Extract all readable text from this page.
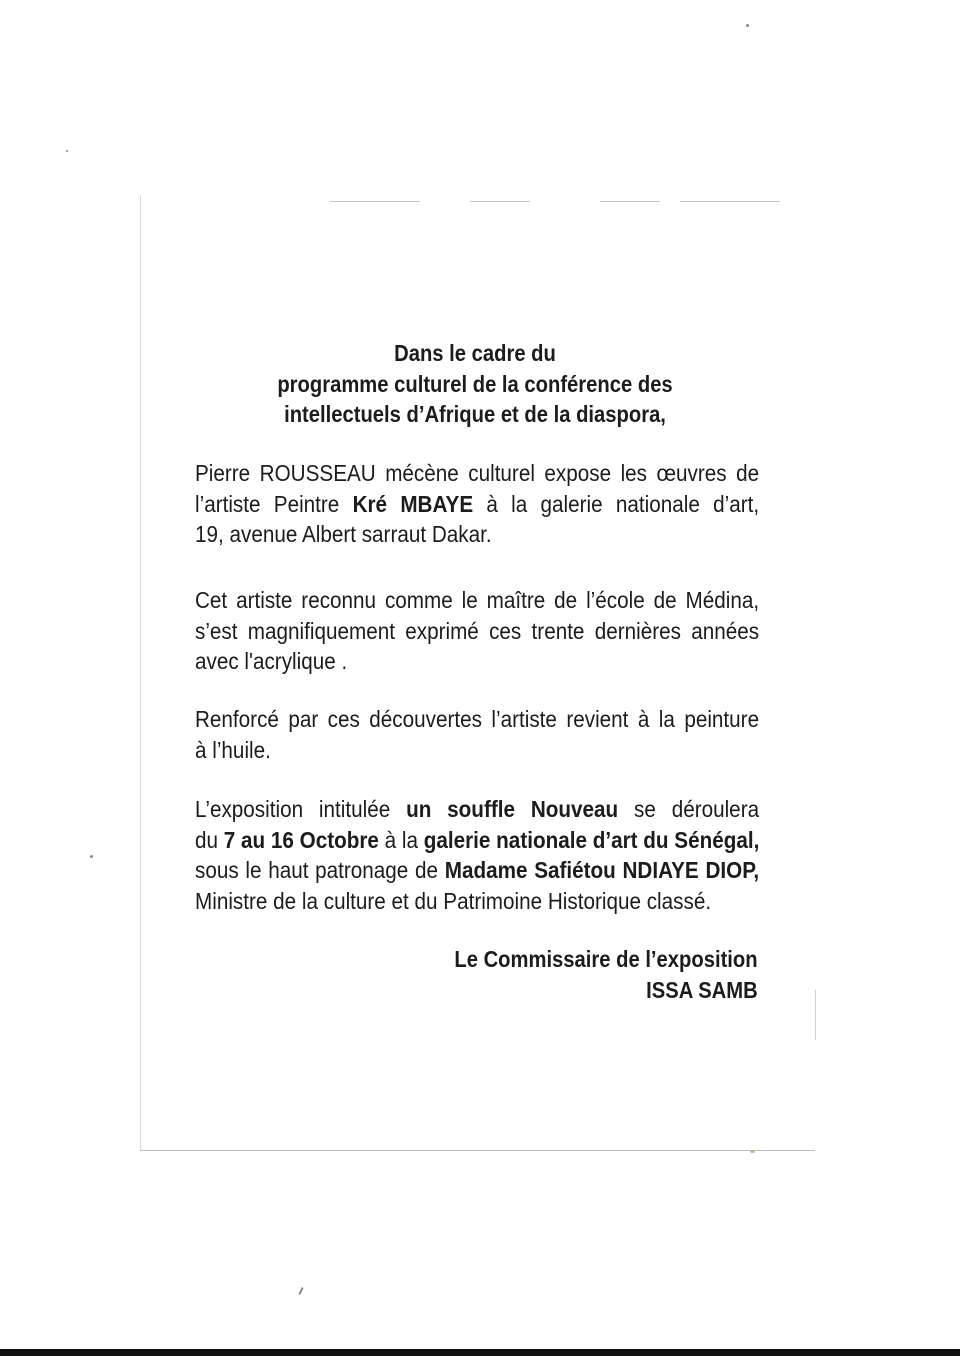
Dans le cadre du
programme culturel de la conférence des
intellectuels d’Afrique et de la diaspora,
Pierre ROUSSEAU mécène culturel expose les œuvres de
l’artiste Peintre Kré MBAYE à la galerie nationale d’art,
19, avenue Albert sarraut Dakar.
Cet artiste reconnu comme le maître de l’école de Médina,
s’est magnifiquement exprimé ces trente dernières années
avec l'acrylique .
Renforcé par ces découvertes l’artiste revient à la peinture
à l’huile.
L’exposition intitulée un souffle Nouveau se déroulera
du 7 au 16 Octobre à la galerie nationale d’art du Sénégal,
sous le haut patronage de Madame Safiétou NDIAYE DIOP,
Ministre de la culture et du Patrimoine Historique classé.
Le Commissaire de l’exposition
ISSA SAMB
